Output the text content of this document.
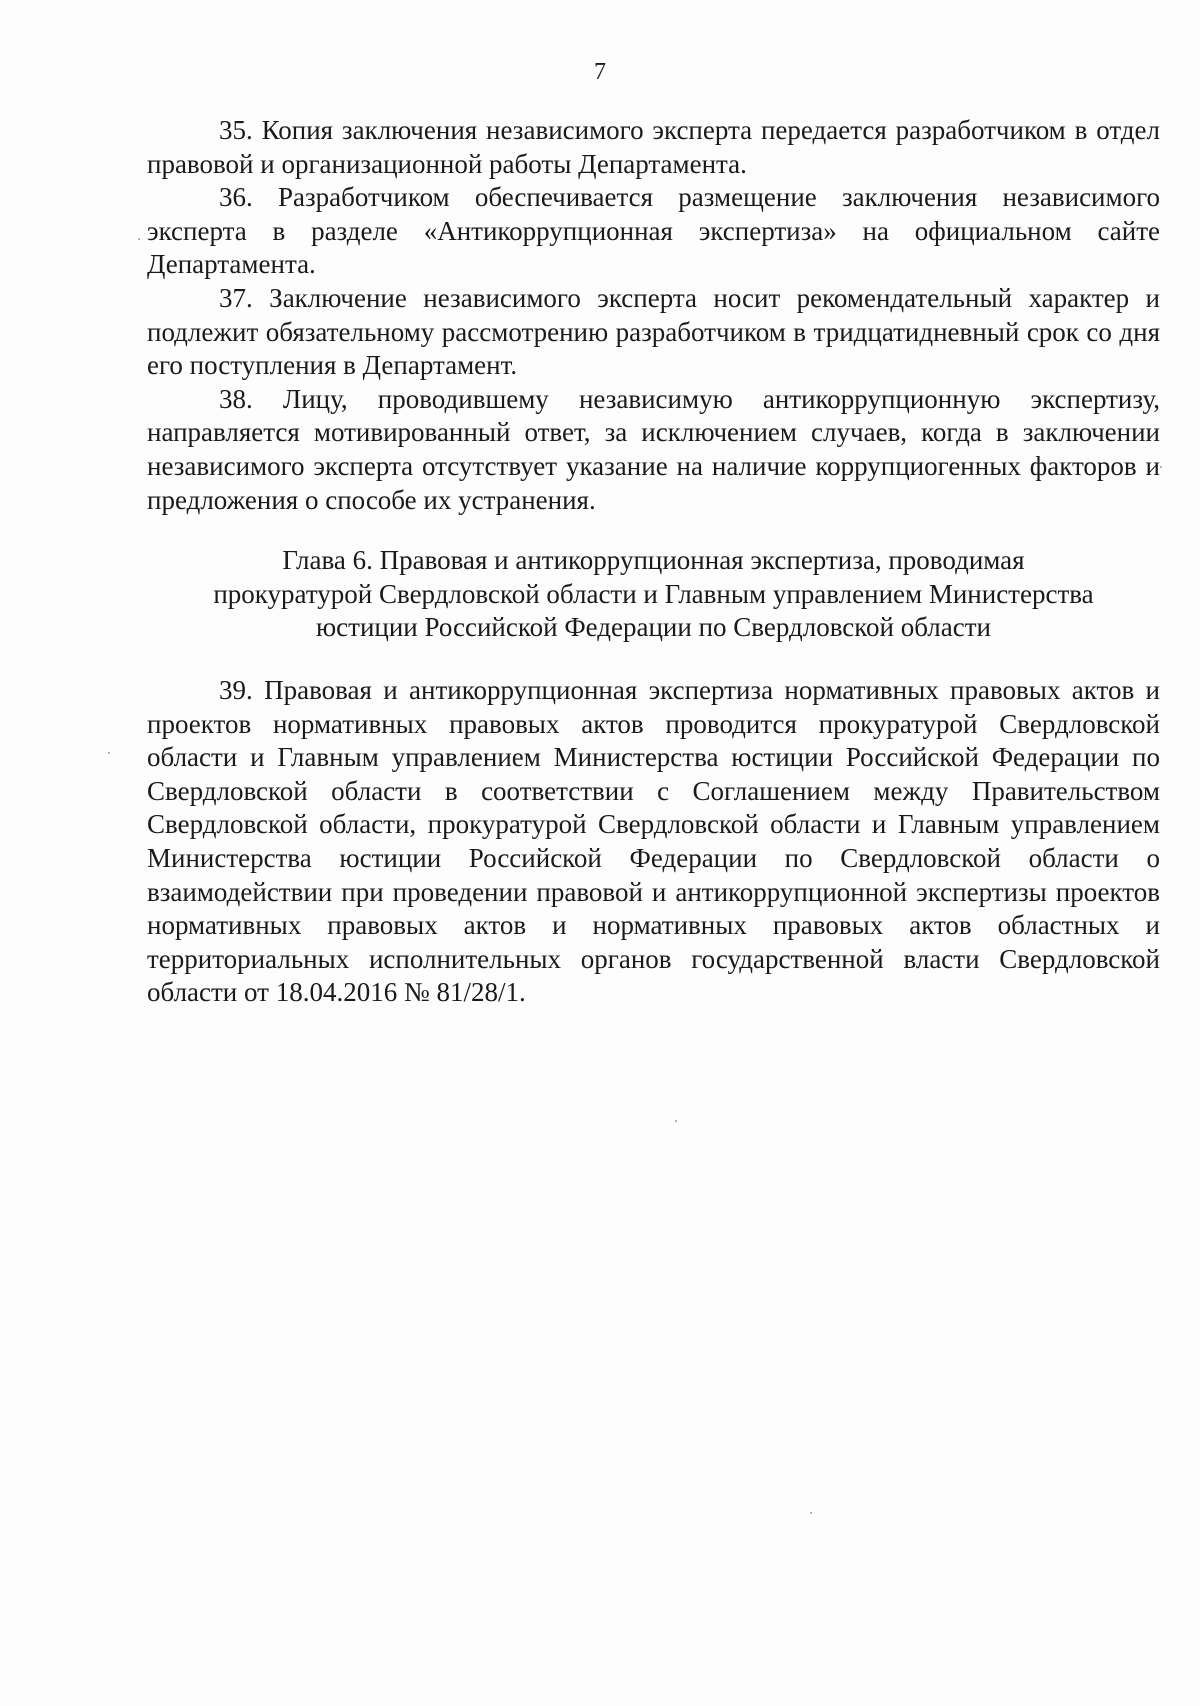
7

35. Копия заключения независимого эксперта передается разработчиком в отдел правовой и организационной работы Департамента.

36. Разработчиком обеспечивается размещение заключения независимого эксперта в разделе «Антикоррупционная экспертиза» на официальном сайте Департамента.

37. Заключение независимого эксперта носит рекомендательный характер и подлежит обязательному рассмотрению разработчиком в тридцатидневный срок со дня его поступления в Департамент.

38. Лицу, проводившему независимую антикоррупционную экспертизу, направляется мотивированный ответ, за исключением случаев, когда в заключении независимого эксперта отсутствует указание на наличие коррупциогенных факторов и предложения о способе их устранения.

Глава 6. Правовая и антикоррупционная экспертиза, проводимая

прокуратурой Свердловской области и Главным управлением Министерства

юстиции Российской Федерации по Свердловской области

39. Правовая и антикоррупционная экспертиза нормативных правовых актов и проектов нормативных правовых актов проводится прокуратурой Свердловской области и Главным управлением Министерства юстиции Российской Федерации по Свердловской области в соответствии с Соглашением между Правительством Свердловской области, прокуратурой Свердловской области и Главным управлением Министерства юстиции Российской Федерации по Свердловской области о взаимодействии при проведении правовой и антикоррупционной экспертизы проектов нормативных правовых актов и нормативных правовых актов областных и территориальных исполнительных органов государственной власти Свердловской области от 18.04.2016 № 81/28/1.
